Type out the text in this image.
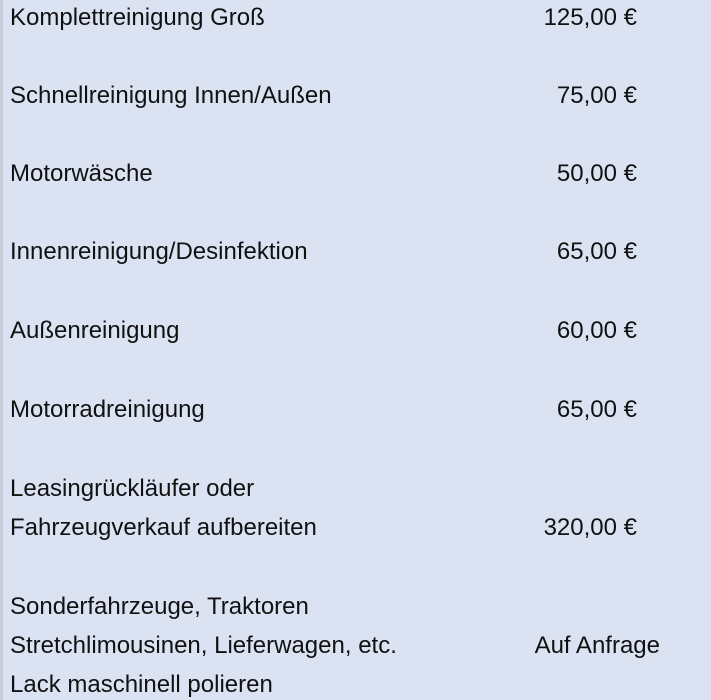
Komplettreinigung Groß	125,00 €
Schnellreinigung Innen/Außen	75,00 €
Motorwäsche	50,00 €
Innenreinigung/Desinfektion	65,00 €
Außenreinigung	60,00 €
Motorradreinigung	65,00 €
Leasingrückläufer oder
Fahrzeugverkauf aufbereiten	320,00 €
Sonderfahrzeuge, Traktoren
Stretchlimousinen, Lieferwagen, etc.	Auf Anfrage
Lack maschinell polieren
